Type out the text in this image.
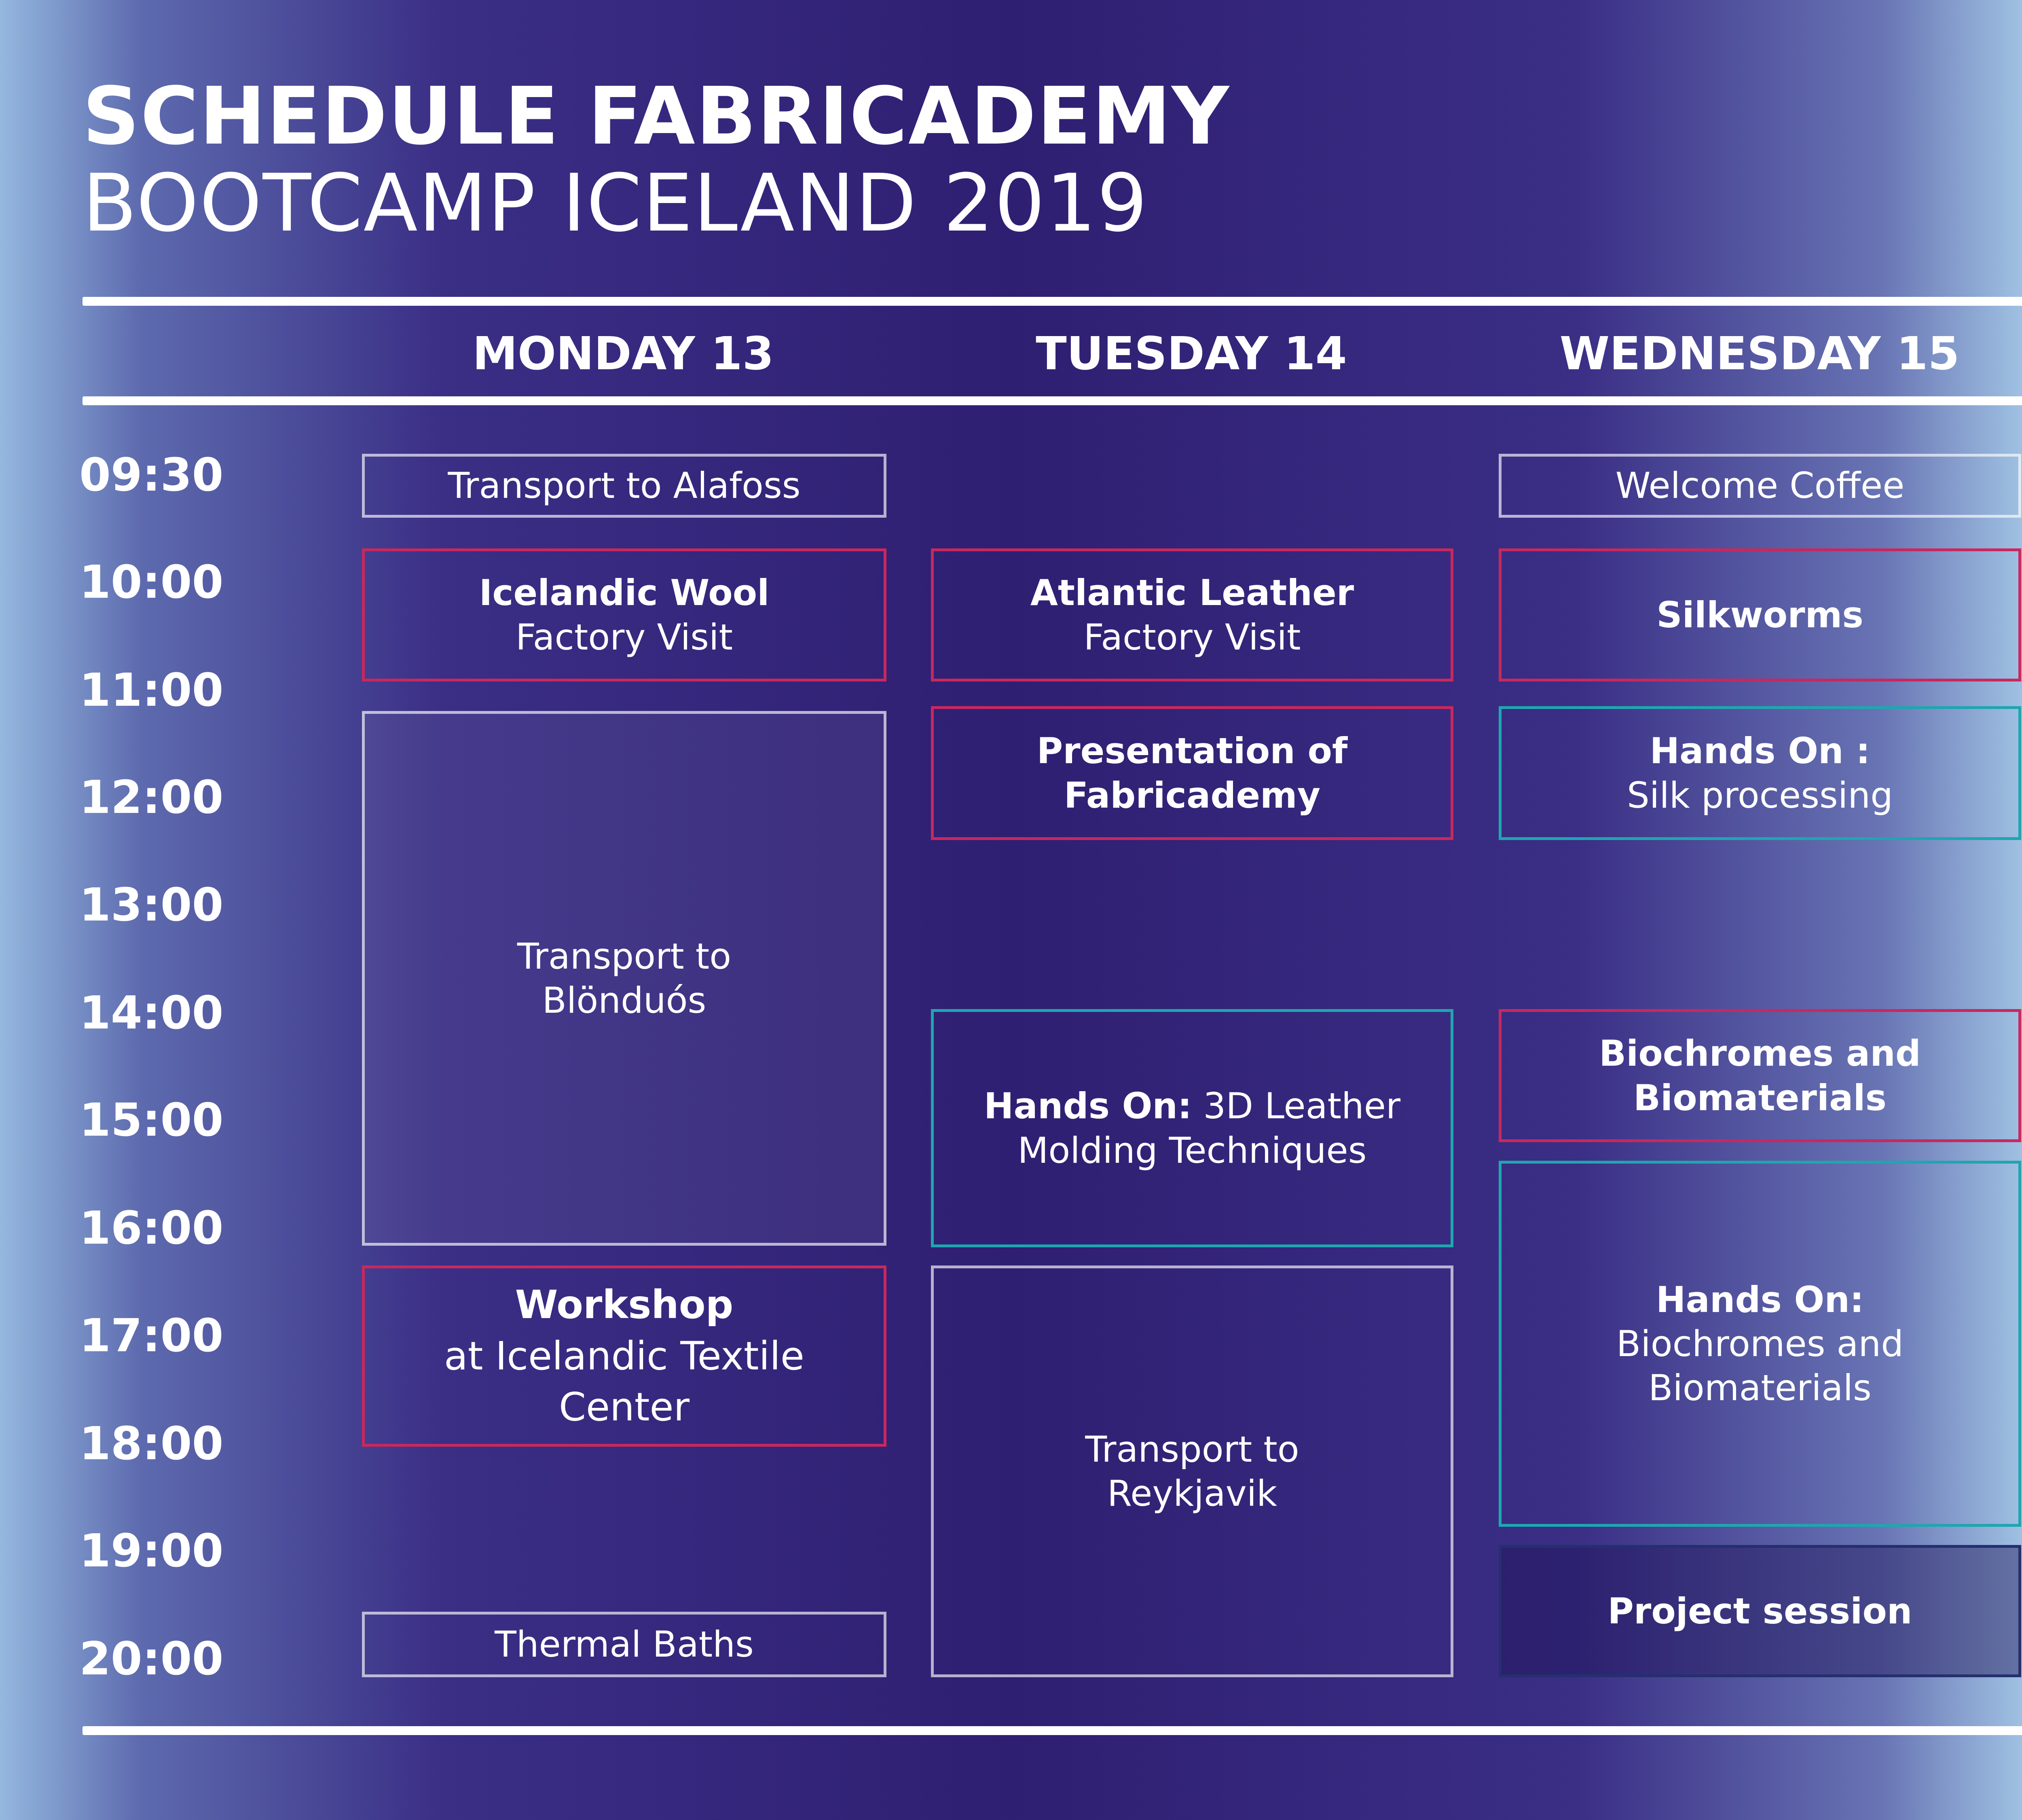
SCHEDULE FABRICADEMY
BOOTCAMP ICELAND 2019
MONDAY 13	TUESDAY 14	WEDNESDAY 15
09:30
10:00
11:00
12:00
13:00
14:00
15:00
16:00
17:00
18:00
19:00
20:00
Transport to Alafoss
Icelandic Wool
Factory Visit
Transport to
Blönduós
Workshop
at Icelandic Textile
Center
Thermal Baths
Atlantic Leather
Factory Visit
Presentation of
Fabricademy
Hands On: 3D Leather
Molding Techniques
Transport to
Reykjavik
Welcome Coffee
Silkworms
Hands On :
Silk processing
Biochromes and
Biomaterials
Hands On:
Biochromes and
Biomaterials
Project session
